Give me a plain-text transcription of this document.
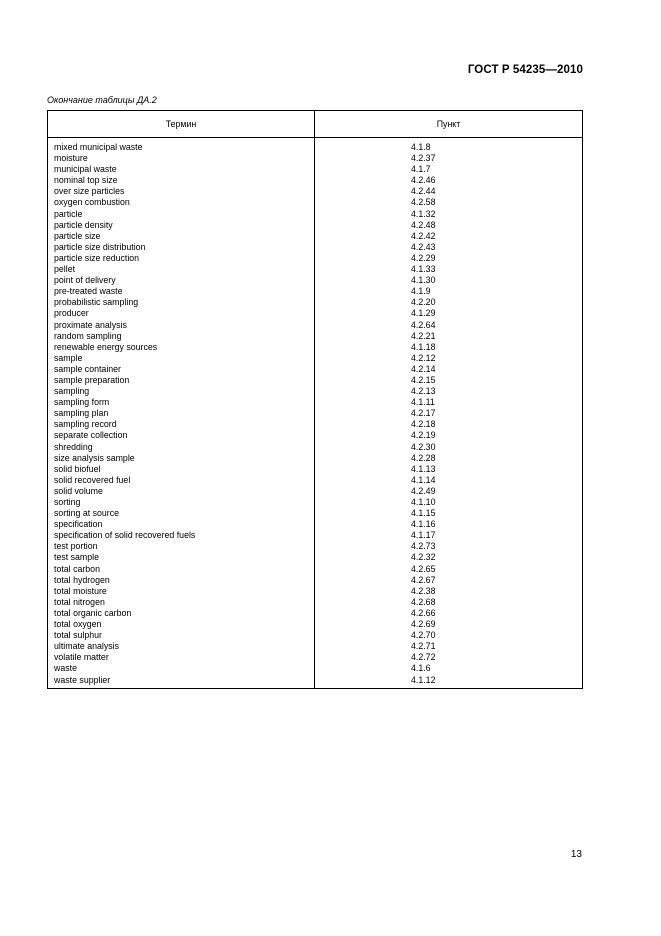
ГОСТ Р 54235—2010
Окончание таблицы ДА.2
Термин	Пункт
mixed municipal waste	4.1.8
moisture	4.2.37
municipal waste	4.1.7
nominal top size	4.2.46
over size particles	4.2.44
oxygen combustion	4.2.58
particle	4.1.32
particle density	4.2.48
particle size	4.2.42
particle size distribution	4.2.43
particle size reduction	4.2.29
pellet	4.1.33
point of delivery	4.1.30
pre-treated waste	4.1.9
probabilistic sampling	4.2.20
producer	4.1.29
proximate analysis	4.2.64
random sampling	4.2.21
renewable energy sources	4.1.18
sample	4.2.12
sample container	4.2.14
sample preparation	4.2.15
sampling	4.2.13
sampling form	4.1.11
sampling plan	4.2.17
sampling record	4.2.18
separate collection	4.2.19
shredding	4.2.30
size analysis sample	4.2.28
solid biofuel	4.1.13
solid recovered fuel	4.1.14
solid volume	4.2.49
sorting	4.1.10
sorting at source	4.1.15
specification	4.1.16
specification of solid recovered fuels	4.1.17
test portion	4.2.73
test sample	4.2.32
total carbon	4.2.65
total hydrogen	4.2.67
total moisture	4.2.38
total nitrogen	4.2.68
total organic carbon	4.2.66
total oxygen	4.2.69
total sulphur	4.2.70
ultimate analysis	4.2.71
volatile matter	4.2.72
waste	4.1.6
waste supplier	4.1.12
13
